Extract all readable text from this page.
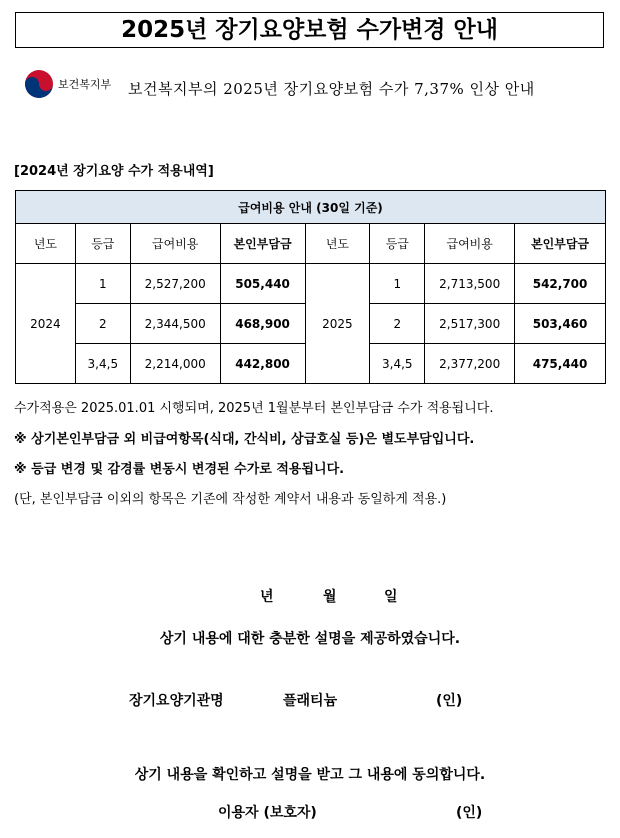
2025년 장기요양보험 수가변경 안내
보건복지부 보건복지부의 2025년 장기요양보험 수가 7,37% 인상 안내
[2024년 장기요양 수가 적용내역]
급여비용 안내 (30일 기준)							
년도	등급	급여비용	본인부담금	년도	등급	급여비용	본인부담금
2024	1	2,527,200	505,440	2025	1	2,713,500	542,700
	2	2,344,500	468,900		2	2,517,300	503,460
	3,4,5	2,214,000	442,800		3,4,5	2,377,200	475,440
수가적용은 2025.01.01 시행되며, 2025년 1월분부터 본인부담금 수가 적용됩니다.
※ 상기본인부담금 외 비급여항목(식대, 간식비, 상급호실 등)은 별도부담입니다.
※ 등급 변경 및 감경률 변동시 변경된 수가로 적용됩니다.
(단, 본인부담금 이외의 항목은 기존에 작성한 계약서 내용과 동일하게 적용.)
년	월	일
상기 내용에 대한 충분한 설명을 제공하였습니다.
장기요양기관명	플래티늄	(인)
상기 내용을 확인하고 설명을 받고 그 내용에 동의합니다.
이용자 (보호자)	(인)
